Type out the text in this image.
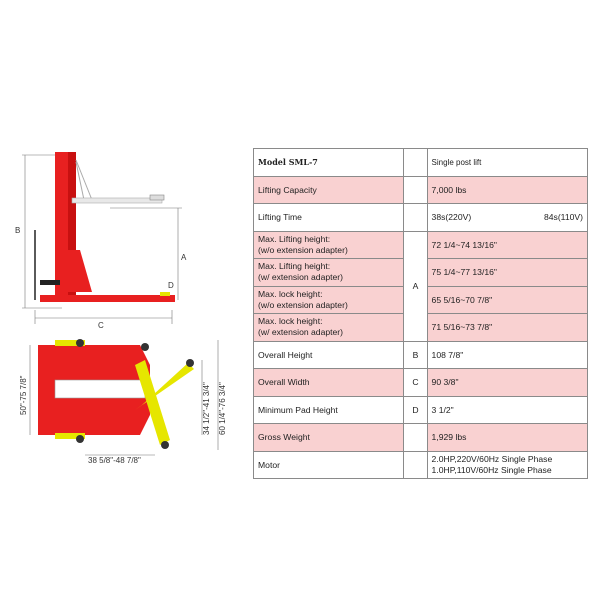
B
A
D
C
50"-75 7/8"	34 1/2"-41 3/4" 60 1/4"-76 3/4"
38 5/8"-48 7/8"
Model SML-7		Single post lift
Lifting Capacity		7,000 lbs
Lifting Time		38s(220V) 84s(110V)

Max. Lifting height:
(w/o extension adapter)	A	72 1/4~74 13/16"

Max. Lifting height:
(w/ extension adapter)		75 1/4~77 13/16"

Max. lock height:
(w/o extension adapter)		65 5/16~70 7/8"

Max. lock height:
(w/ extension adapter)		71 5/16~73 7/8"
Overall Height	B	108 7/8"
Overall Width	C	90 3/8"
Minimum Pad Height	D	3 1/2"
Gross Weight		1,929 lbs
Motor		2.0HP,220V/60Hz Single Phase
1.0HP,110V/60Hz Single Phase
